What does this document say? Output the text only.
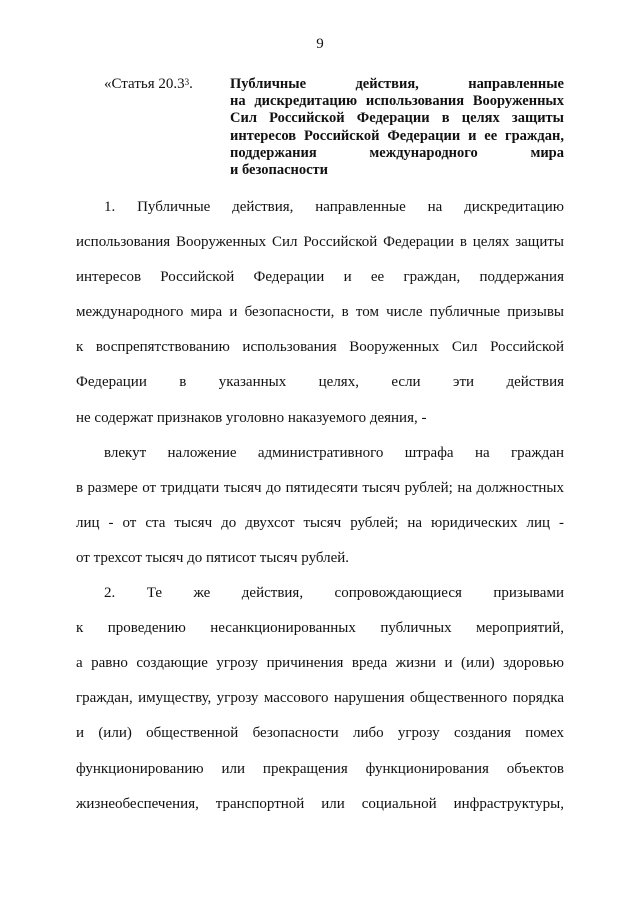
9
«Статья 20.3$^3$.	Публичные действия, направленные
на дискредитацию использования Вооруженных
Сил Российской Федерации в целях защиты
интересов Российской Федерации и ее граждан,
поддержания международного мира
и безопасности
1. Публичные действия, направленные на дискредитацию
использования Вооруженных Сил Российской Федерации в целях защиты
интересов Российской Федерации и ее граждан, поддержания
международного мира и безопасности, в том числе публичные призывы
к воспрепятствованию использования Вооруженных Сил Российской
Федерации в указанных целях, если эти действия
не содержат признаков уголовно наказуемого деяния, -
влекут наложение административного штрафа на граждан
в размере от тридцати тысяч до пятидесяти тысяч рублей; на должностных
лиц - от ста тысяч до двухсот тысяч рублей; на юридических лиц -
от трехсот тысяч до пятисот тысяч рублей.
2. Те же действия, сопровождающиеся призывами
к проведению несанкционированных публичных мероприятий,
а равно создающие угрозу причинения вреда жизни и (или) здоровью
граждан, имуществу, угрозу массового нарушения общественного порядка
и (или) общественной безопасности либо угрозу создания помех
функционированию или прекращения функционирования объектов
жизнеобеспечения, транспортной или социальной инфраструктуры,
